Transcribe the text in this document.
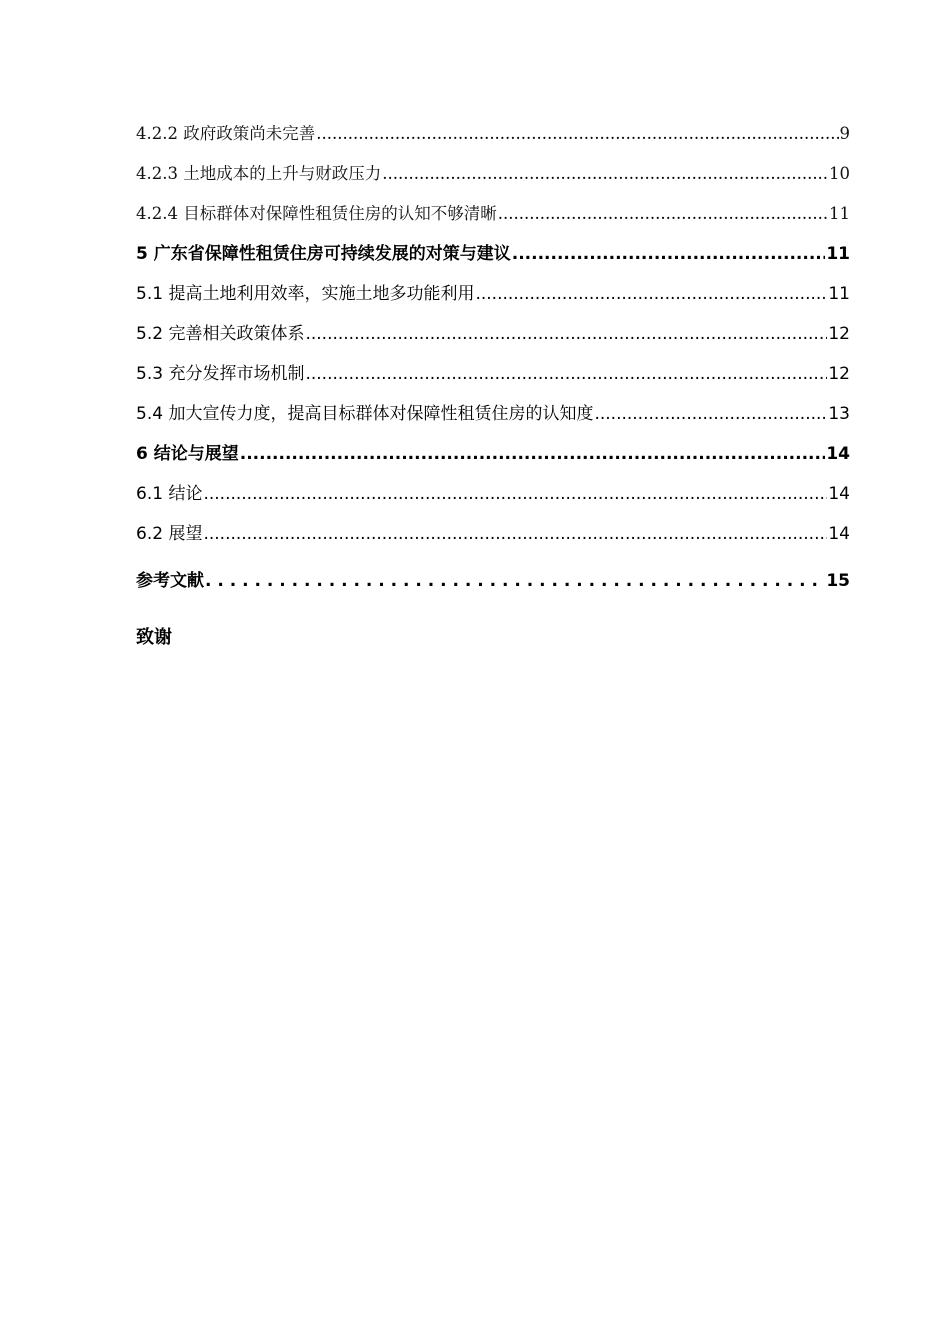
4.2.2 政府政策尚未完善 .....	9
4.2.3 土地成本的上升与财政压力 .....	10
4.2.4 目标群体对保障性租赁住房的认知不够清晰 .....	11
5 广东省保障性租赁住房可持续发展的对策与建议 .....	11
5.1 提高土地利用效率，实施土地多功能利用 .....	11
5.2 完善相关政策体系 .....	12
5.3 充分发挥市场机制 .....	12
5.4 加大宣传力度，提高目标群体对保障性租赁住房的认知度 .....	13
6 结论与展望 .....	14
6.1 结论 .....	14
6.2 展望 .....	14
参考文献 . . .	15
致谢
